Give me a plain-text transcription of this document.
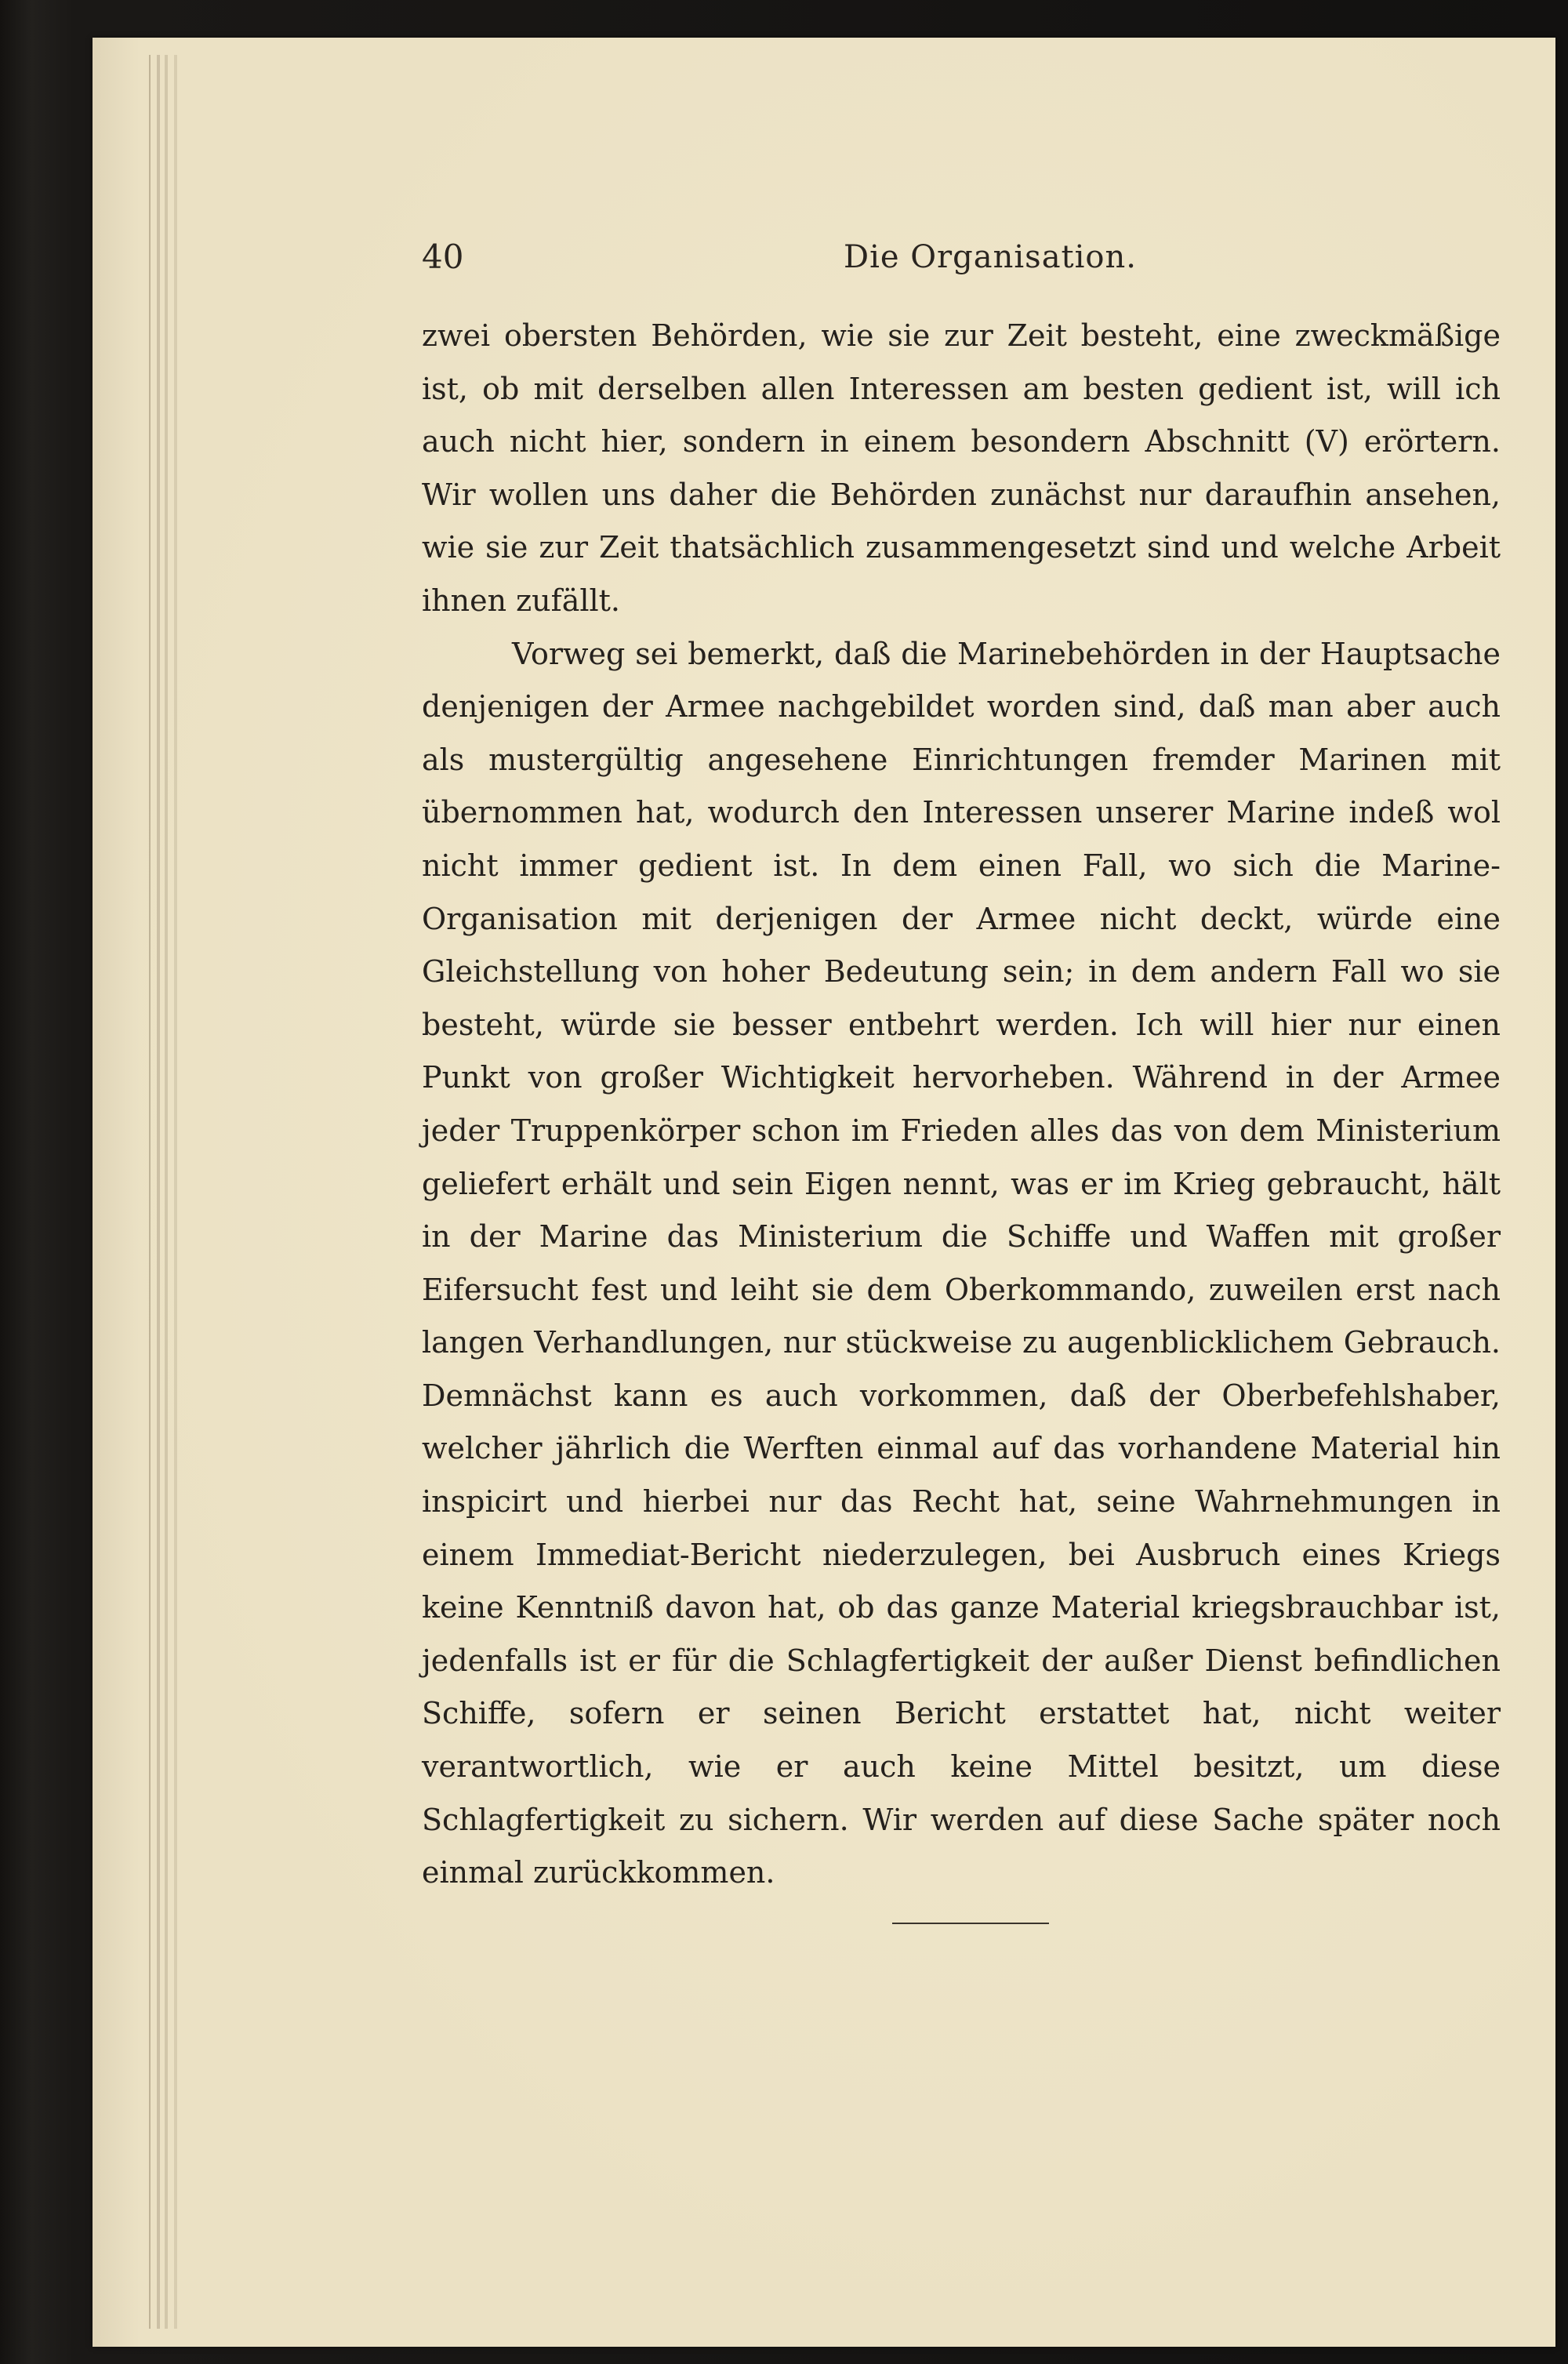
40	Die Organisation.

zwei obersten Behörden, wie sie zur Zeit besteht, eine zweckmäßige ist, ob mit derselben allen Interessen am besten gedient ist, will ich auch nicht hier, sondern in einem besondern Abschnitt (V) erörtern. Wir wollen uns daher die Behörden zunächst nur daraufhin ansehen, wie sie zur Zeit thatsächlich zusammengesetzt sind und welche Arbeit ihnen zufällt.

Vorweg sei bemerkt, daß die Marinebehörden in der Hauptsache denjenigen der Armee nachgebildet worden sind, daß man aber auch als mustergültig angesehene Einrichtungen fremder Marinen mit übernommen hat, wodurch den Interessen unserer Marine indeß wol nicht immer gedient ist. In dem einen Fall, wo sich die Marine-Organisation mit derjenigen der Armee nicht deckt, würde eine Gleichstellung von hoher Bedeutung sein; in dem andern Fall wo sie besteht, würde sie besser entbehrt werden. Ich will hier nur einen Punkt von großer Wichtigkeit hervorheben. Während in der Armee jeder Truppenkörper schon im Frieden alles das von dem Ministerium geliefert erhält und sein Eigen nennt, was er im Krieg gebraucht, hält in der Marine das Ministerium die Schiffe und Waffen mit großer Eifersucht fest und leiht sie dem Oberkommando, zuweilen erst nach langen Verhandlungen, nur stückweise zu augenblicklichem Gebrauch. Demnächst kann es auch vorkommen, daß der Oberbefehlshaber, welcher jährlich die Werften einmal auf das vorhandene Material hin inspicirt und hierbei nur das Recht hat, seine Wahrnehmungen in einem Immediat-Bericht niederzulegen, bei Ausbruch eines Kriegs keine Kenntniß davon hat, ob das ganze Material kriegsbrauchbar ist, jedenfalls ist er für die Schlagfertigkeit der außer Dienst befindlichen Schiffe, sofern er seinen Bericht erstattet hat, nicht weiter verantwortlich, wie er auch keine Mittel besitzt, um diese Schlagfertigkeit zu sichern. Wir werden auf diese Sache später noch einmal zurückkommen.
